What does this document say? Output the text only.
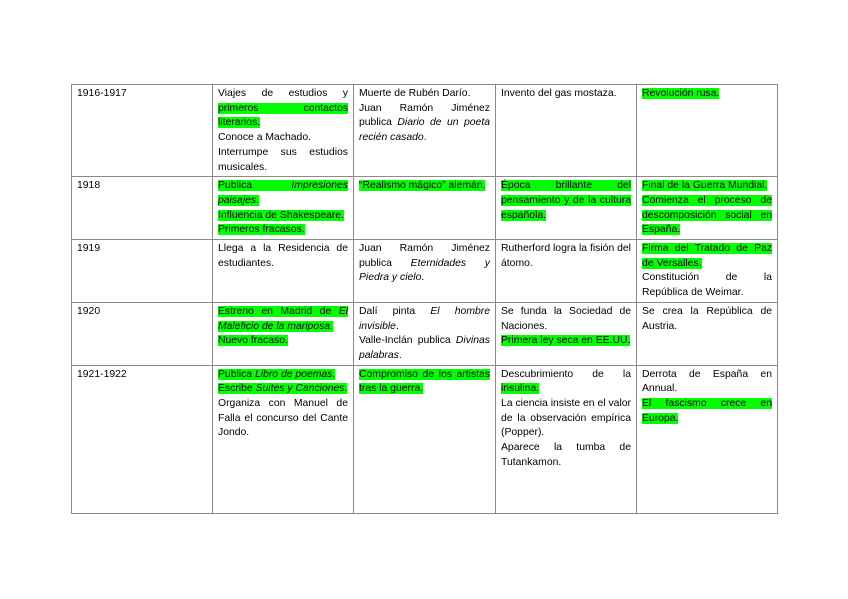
1916-1917	Viajes de estudios y primeros contactos literarios.
Conoce a Machado.
Interrumpe sus estudios musicales.	Muerte de Rubén Darío.
Juan Ramón Jiménez publica Diario de un poeta recién casado.	Invento del gas mostaza.	Revolución rusa.

1918	Publica Impresiones paisajes.
Influencia de Shakespeare.
Primeros fracasos.	“Realismo mágico” alemán.	Época brillante del pensamiento y de la cultura española.	Final de la Guerra Mundial.
Comienza el proceso de descomposición social en España.

1919	Llega a la Residencia de estudiantes.	Juan Ramón Jiménez publica Eternidades y Piedra y cielo.	Rutherford logra la fisión del átomo.	Firma del Tratado de Paz de Versalles.
Constitución de la República de Weimar.

1920	Estreno en Madrid de El Maleficio de la mariposa.
Nuevo fracaso.	Dalí pinta El hombre invisible.
Valle-Inclán publica Divinas palabras.	Se funda la Sociedad de Naciones.
Primera ley seca en EE.UU.	Se crea la República de Austria.

1921-1922	Publica Libro de poemas.
Escribe Suites y Canciones.
Organiza con Manuel de Falla el concurso del Cante Jondo.	Compromiso de los artistas tras la guerra.	Descubrimiento de la insulina.
La ciencia insiste en el valor de la observación empírica (Popper).
Aparece la tumba de Tutankamon.	Derrota de España en Annual.
El fascismo crece en Europa.
